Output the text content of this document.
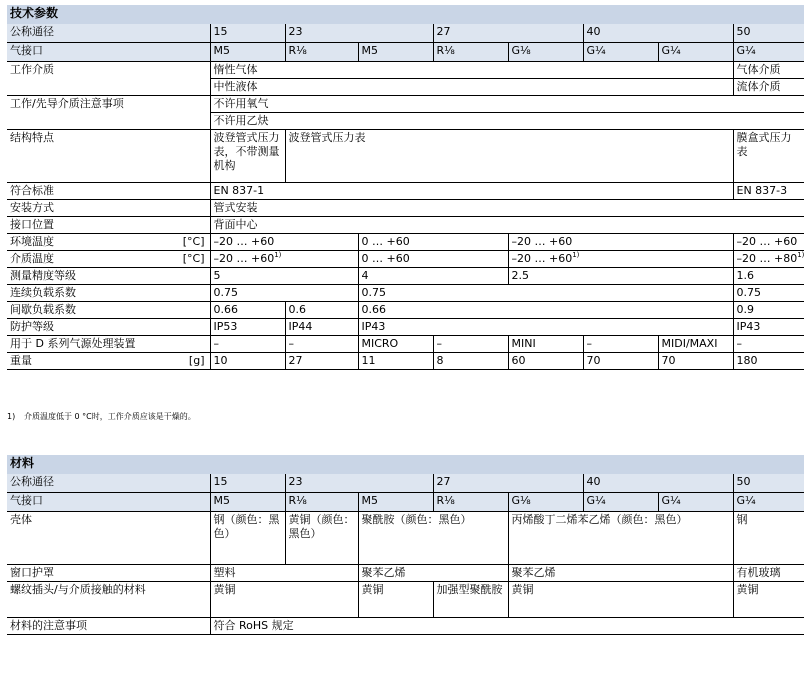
技术参数									
公称通径	15	23		27		40		50	
气接口	M5	R⅛	M5	R⅛	G⅛	G¼	G¼	G¼	
工作介质	惰性气体							气体介质	
	中性液体							流体介质	
工作/先导介质注意事项	不许用氧气								
	不许用乙炔								
结构特点	波登管式压力表，不带测量机构	波登管式压力表						膜盒式压力表	
符合标准	EN 837-1							EN 837-3	
安装方式	管式安装								
接口位置	背面中心								
环境温度 [°C]	–20 … +60		0 … +60		–20 … +60			–20 … +60	
介质温度 [°C]	–20 … $+60^{1)}$		0 … +60		–20 … $+60^{1)}$			–20 … $+80^{1)}$
测量精度等级	5		4		2.5			1.6	
连续负载系数	0.75		0.75					0.75	
间歇负载系数	0.66	0.6	0.66					0.9	
防护等级	IP53	IP44	IP43					IP43	
用于 D 系列气源处理装置	–	–	MICRO	–	MINI	–	MIDI/MAXI	–	
重量 [g]	10	27	11	8	60	70	70	180	
1) 介质温度低于 0 °C时，工作介质应该是干燥的。
材料									
公称通径	15	23		27		40		50	
气接口	M5	R⅛	M5	R⅛	G⅛	G¼	G¼	G¼	
壳体	钢（颜色：黑色）	黄铜（颜色：黑色）	聚酰胺（颜色：黑色）		丙烯酸丁二烯苯乙烯（颜色：黑色）			钢	
窗口护罩	塑料		聚苯乙烯		聚苯乙烯			有机玻璃	
螺纹插头/与介质接触的材料	黄铜		黄铜	加强型聚酰胺	黄铜			黄铜	
材料的注意事项	符合 RoHS 规定								
